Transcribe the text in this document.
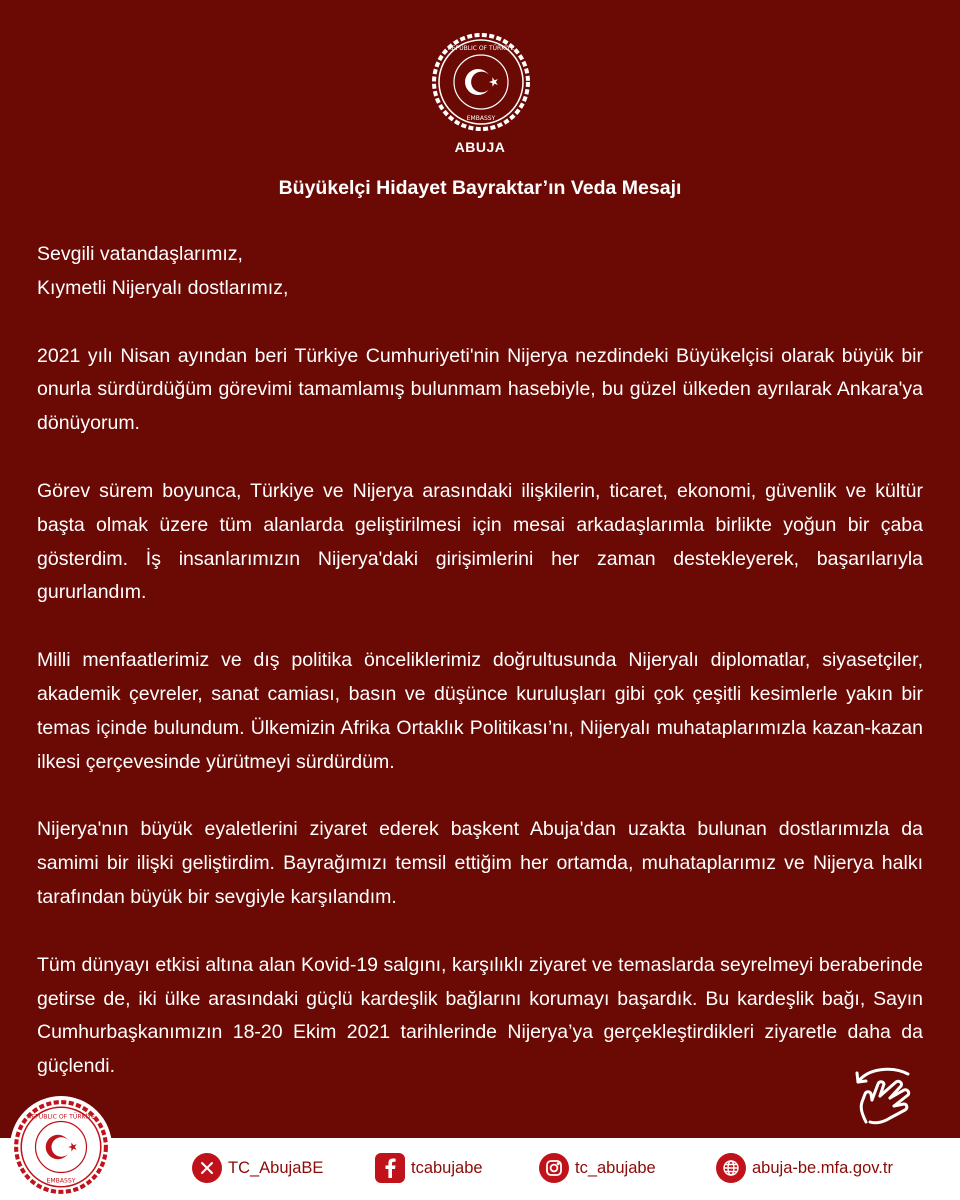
REPUBLIC OF TÜRKİYE
EMBASSY
ABUJA
Büyükelçi Hidayet Bayraktar’ın Veda Mesajı
Sevgili vatandaşlarımız,
Kıymetli Nijeryalı dostlarımız,

2021 yılı Nisan ayından beri Türkiye Cumhuriyeti'nin Nijerya nezdindeki Büyükelçisi olarak büyük bir onurla sürdürdüğüm görevimi tamamlamış bulunmam hasebiyle, bu güzel ülkeden ayrılarak Ankara'ya dönüyorum.

Görev sürem boyunca, Türkiye ve Nijerya arasındaki ilişkilerin, ticaret, ekonomi, güvenlik ve kültür başta olmak üzere tüm alanlarda geliştirilmesi için mesai arkadaşlarımla birlikte yoğun bir çaba gösterdim. İş insanlarımızın Nijerya'daki girişimlerini her zaman destekleyerek, başarılarıyla gururlandım.

Milli menfaatlerimiz ve dış politika önceliklerimiz doğrultusunda Nijeryalı diplomatlar, siyasetçiler, akademik çevreler, sanat camiası, basın ve düşünce kuruluşları gibi çok çeşitli kesimlerle yakın bir temas içinde bulundum. Ülkemizin Afrika Ortaklık Politikası’nı, Nijeryalı muhataplarımızla kazan-kazan ilkesi çerçevesinde yürütmeyi sürdürdüm.

Nijerya'nın büyük eyaletlerini ziyaret ederek başkent Abuja'dan uzakta bulunan dostlarımızla da samimi bir ilişki geliştirdim. Bayrağımızı temsil ettiğim her ortamda, muhataplarımız ve Nijerya halkı tarafından büyük bir sevgiyle karşılandım.

Tüm dünyayı etkisi altına alan Kovid-19 salgını, karşılıklı ziyaret ve temaslarda seyrelmeyi beraberinde getirse de, iki ülke arasındaki güçlü kardeşlik bağlarını korumayı başardık. Bu kardeşlik bağı, Sayın Cumhurbaşkanımızın 18-20 Ekim 2021 tarihlerinde Nijerya’ya gerçekleştirdikleri ziyaretle daha da güçlendi.

REPUBLIC OF TÜRKİYE
EMBASSY
TC_AbujaBE	tcabujabe	tc_abujabe	abuja-be.mfa.gov.tr
